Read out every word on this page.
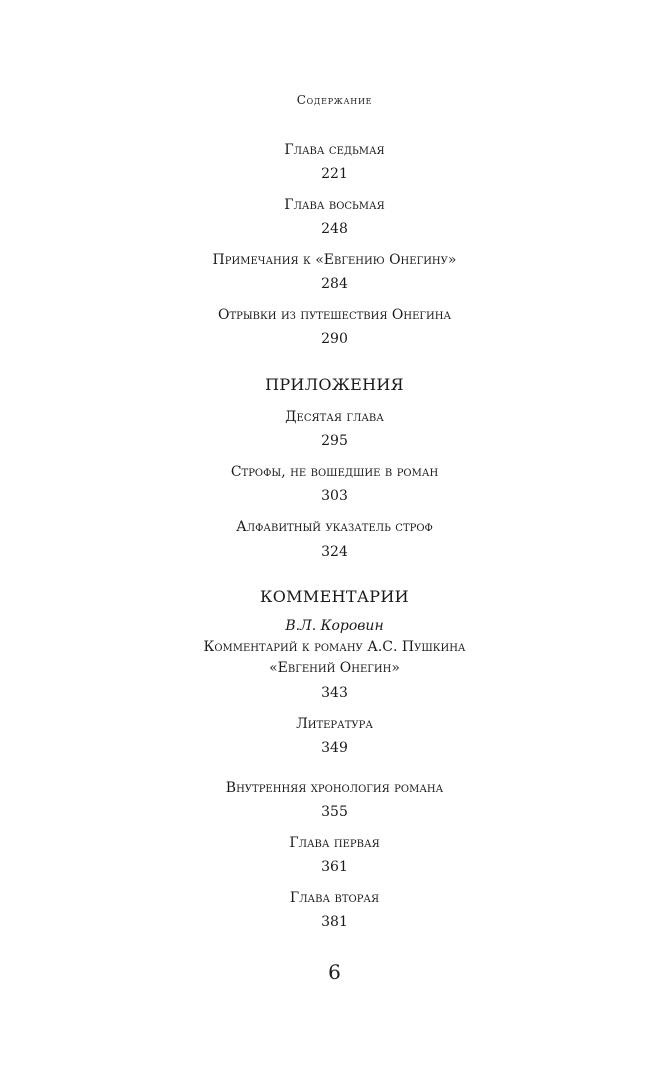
Содержание
Глава седьмая
221
Глава восьмая
248
Примечания к «Евгению Онегину»
284
Отрывки из путешествия Онегина
290
ПРИЛОЖЕНИЯ
Десятая глава
295
Строфы, не вошедшие в роман
303
Алфавитный указатель строф
324
КОММЕНТАРИИ
В.Л. Коровин
Комментарий к роману А.С. Пушкина
«Евгений Онегин»
343
Литература
349
Внутренняя хронология романа
355
Глава первая
361
Глава вторая
381
6
